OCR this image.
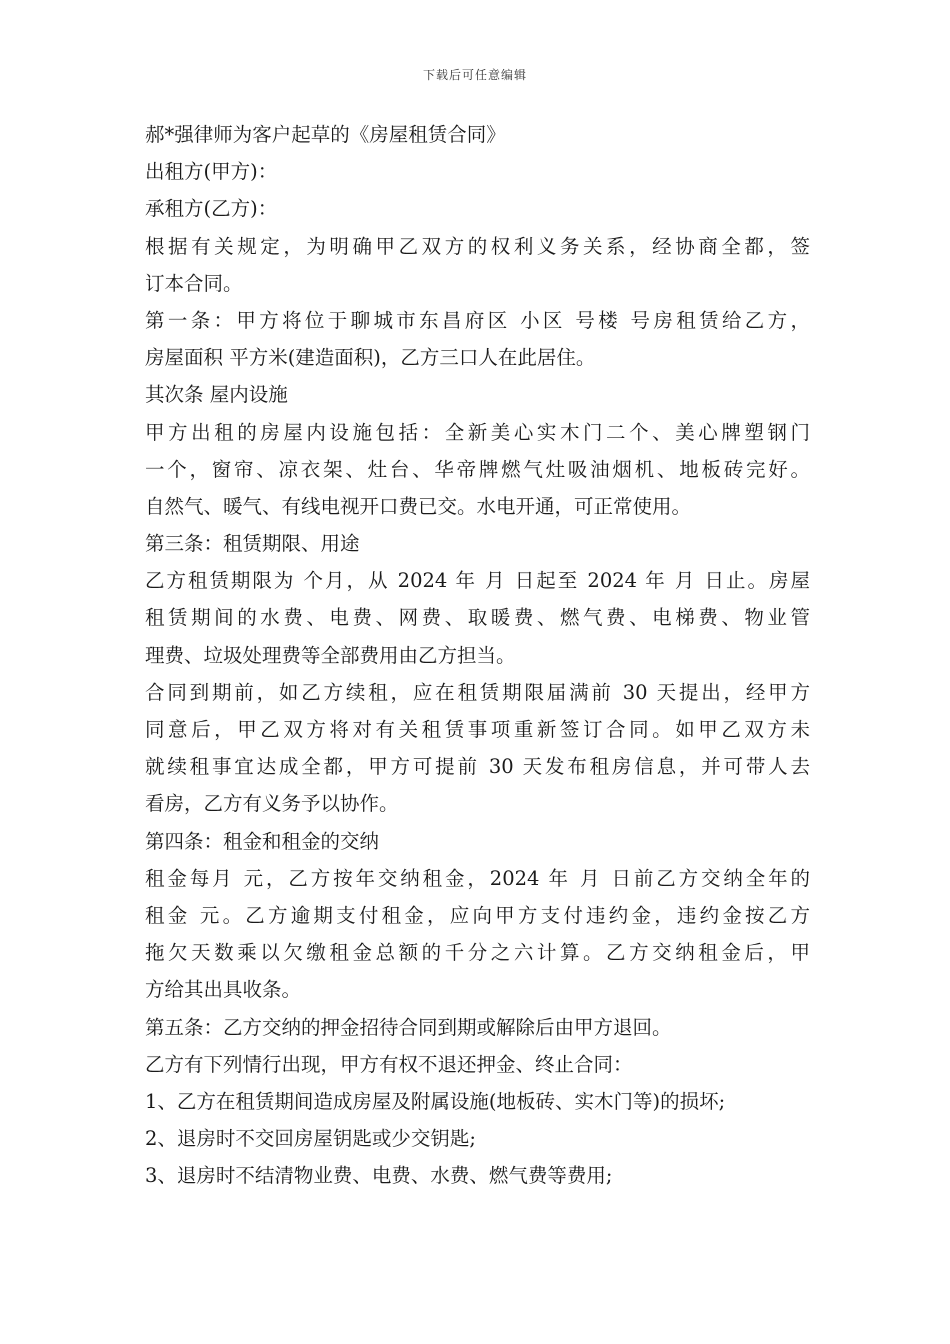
下载后可任意编辑
郝*强律师为客户起草的《房屋租赁合同》
出租方(甲方)：
承租方(乙方)：
根据有关规定，为明确甲乙双方的权利义务关系，经协商全都，签
订本合同。
第一条：甲方将位于聊城市东昌府区 小区 号楼 号房租赁给乙方，
房屋面积 平方米(建造面积)，乙方三口人在此居住。
其次条 屋内设施
甲方出租的房屋内设施包括：全新美心实木门二个、美心牌塑钢门
一个，窗帘、凉衣架、灶台、华帝牌燃气灶吸油烟机、地板砖完好。
自然气、暖气、有线电视开口费已交。水电开通，可正常使用。
第三条：租赁期限、用途
乙方租赁期限为 个月，从 2024 年 月 日起至 2024 年 月 日止。房屋
租赁期间的水费、电费、网费、取暖费、燃气费、电梯费、物业管
理费、垃圾处理费等全部费用由乙方担当。
合同到期前，如乙方续租，应在租赁期限届满前 30 天提出，经甲方
同意后，甲乙双方将对有关租赁事项重新签订合同。如甲乙双方未
就续租事宜达成全都，甲方可提前 30 天发布租房信息，并可带人去
看房，乙方有义务予以协作。
第四条：租金和租金的交纳
租金每月 元，乙方按年交纳租金，2024 年 月 日前乙方交纳全年的
租金 元。乙方逾期支付租金，应向甲方支付违约金，违约金按乙方
拖欠天数乘以欠缴租金总额的千分之六计算。乙方交纳租金后，甲
方给其出具收条。
第五条：乙方交纳的押金招待合同到期或解除后由甲方退回。
乙方有下列情行出现，甲方有权不退还押金、终止合同：
1、乙方在租赁期间造成房屋及附属设施(地板砖、实木门等)的损坏;
2、退房时不交回房屋钥匙或少交钥匙;
3、退房时不结清物业费、电费、水费、燃气费等费用;
